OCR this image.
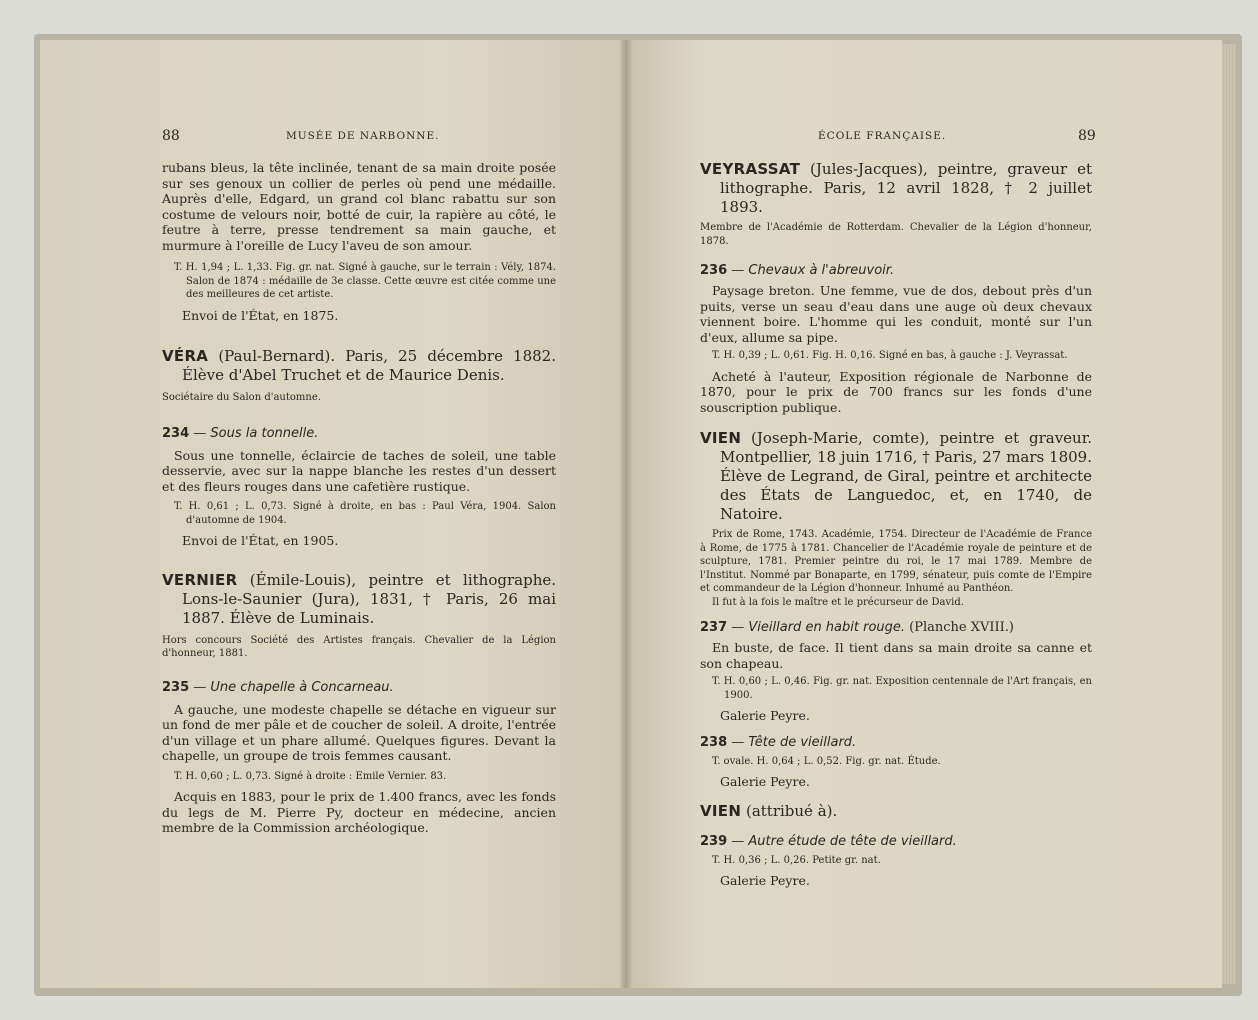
88	MUSÉE DE NARBONNE.

rubans bleus, la tête inclinée, tenant de sa main droite posée sur ses genoux un collier de perles où pend une médaille. Auprès d'elle, Edgard, un grand col blanc rabattu sur son costume de velours noir, botté de cuir, la rapière au côté, le feutre à terre, presse tendrement sa main gauche, et murmure à l'oreille de Lucy l'aveu de son amour.

T. H. 1,94 ; L. 1,33. Fig. gr. nat. Signé à gauche, sur le terrain : Vély, 1874. Salon de 1874 : médaille de 3e classe. Cette œuvre est citée comme une des meilleures de cet artiste.

Envoi de l'État, en 1875.

VÉRA (Paul-Bernard). Paris, 25 décembre 1882. Élève d'Abel Truchet et de Maurice Denis.

Sociétaire du Salon d'automne.

234 — Sous la tonnelle.

Sous une tonnelle, éclaircie de taches de soleil, une table desservie, avec sur la nappe blanche les restes d'un dessert et des fleurs rouges dans une cafetière rustique.

T. H. 0,61 ; L. 0,73. Signé à droite, en bas : Paul Véra, 1904. Salon d'automne de 1904.

Envoi de l'État, en 1905.

VERNIER (Émile-Louis), peintre et lithographe. Lons-le-Saunier (Jura), 1831, † Paris, 26 mai 1887. Élève de Luminais.

Hors concours Société des Artistes français. Chevalier de la Légion d'honneur, 1881.

235 — Une chapelle à Concarneau.

A gauche, une modeste chapelle se détache en vigueur sur un fond de mer pâle et de coucher de soleil. A droite, l'entrée d'un village et un phare allumé. Quelques figures. Devant la chapelle, un groupe de trois femmes causant.

T. H. 0,60 ; L. 0,73. Signé à droite : Emile Vernier. 83.

Acquis en 1883, pour le prix de 1.400 francs, avec les fonds du legs de M. Pierre Py, docteur en médecine, ancien membre de la Commission archéologique.

ÉCOLE FRANÇAISE.	89

VEYRASSAT (Jules-Jacques), peintre, graveur et lithographe. Paris, 12 avril 1828, † 2 juillet 1893.

Membre de l'Académie de Rotterdam. Chevalier de la Légion d'honneur, 1878.

236 — Chevaux à l'abreuvoir.

Paysage breton. Une femme, vue de dos, debout près d'un puits, verse un seau d'eau dans une auge où deux chevaux viennent boire. L'homme qui les conduit, monté sur l'un d'eux, allume sa pipe.

T. H. 0,39 ; L. 0,61. Fig. H. 0,16. Signé en bas, à gauche : J. Veyrassat.

Acheté à l'auteur, Exposition régionale de Narbonne de 1870, pour le prix de 700 francs sur les fonds d'une souscription publique.

VIEN (Joseph-Marie, comte), peintre et graveur. Montpellier, 18 juin 1716, † Paris, 27 mars 1809. Élève de Legrand, de Giral, peintre et architecte des États de Languedoc, et, en 1740, de Natoire.

Prix de Rome, 1743. Académie, 1754. Directeur de l'Académie de France à Rome, de 1775 à 1781. Chancelier de l'Académie royale de peinture et de sculpture, 1781. Premier peintre du roi, le 17 mai 1789. Membre de l'Institut. Nommé par Bonaparte, en 1799, sénateur, puis comte de l'Empire et commandeur de la Légion d'honneur. Inhumé au Panthéon.

Il fut à la fois le maître et le précurseur de David.

237 — Vieillard en habit rouge. (Planche XVIII.)

En buste, de face. Il tient dans sa main droite sa canne et son chapeau.

T. H. 0,60 ; L. 0,46. Fig. gr. nat. Exposition centennale de l'Art français, en 1900.

Galerie Peyre.

238 — Tête de vieillard.

T. ovale. H. 0,64 ; L. 0,52. Fig. gr. nat. Étude.

Galerie Peyre.

VIEN (attribué à).

239 — Autre étude de tête de vieillard.

T. H. 0,36 ; L. 0,26. Petite gr. nat.

Galerie Peyre.
